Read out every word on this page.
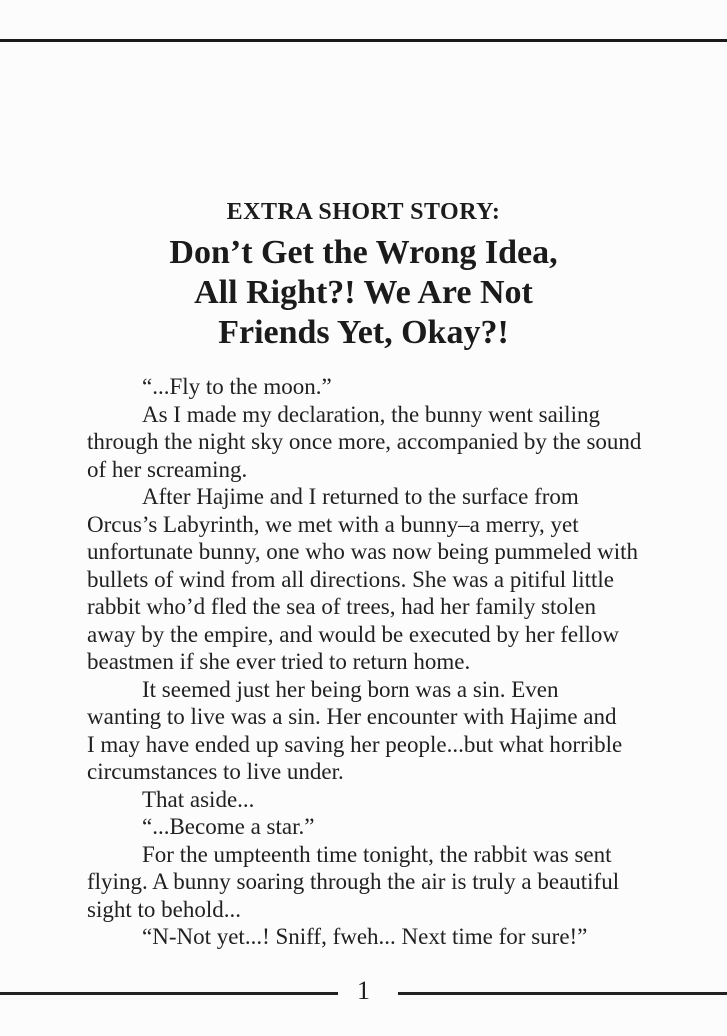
EXTRA SHORT STORY:
Don’t Get the Wrong Idea,
All Right?! We Are Not
Friends Yet, Okay?!
“...Fly to the moon.”
As I made my declaration, the bunny went sailing
through the night sky once more, accompanied by the sound
of her screaming.
After Hajime and I returned to the surface from
Orcus’s Labyrinth, we met with a bunny–a merry, yet
unfortunate bunny, one who was now being pummeled with
bullets of wind from all directions. She was a pitiful little
rabbit who’d fled the sea of trees, had her family stolen
away by the empire, and would be executed by her fellow
beastmen if she ever tried to return home.
It seemed just her being born was a sin. Even
wanting to live was a sin. Her encounter with Hajime and
I may have ended up saving her people...but what horrible
circumstances to live under.
That aside...
“...Become a star.”
For the umpteenth time tonight, the rabbit was sent
flying. A bunny soaring through the air is truly a beautiful
sight to behold...
“N-Not yet...! Sniff, fweh... Next time for sure!”
1
